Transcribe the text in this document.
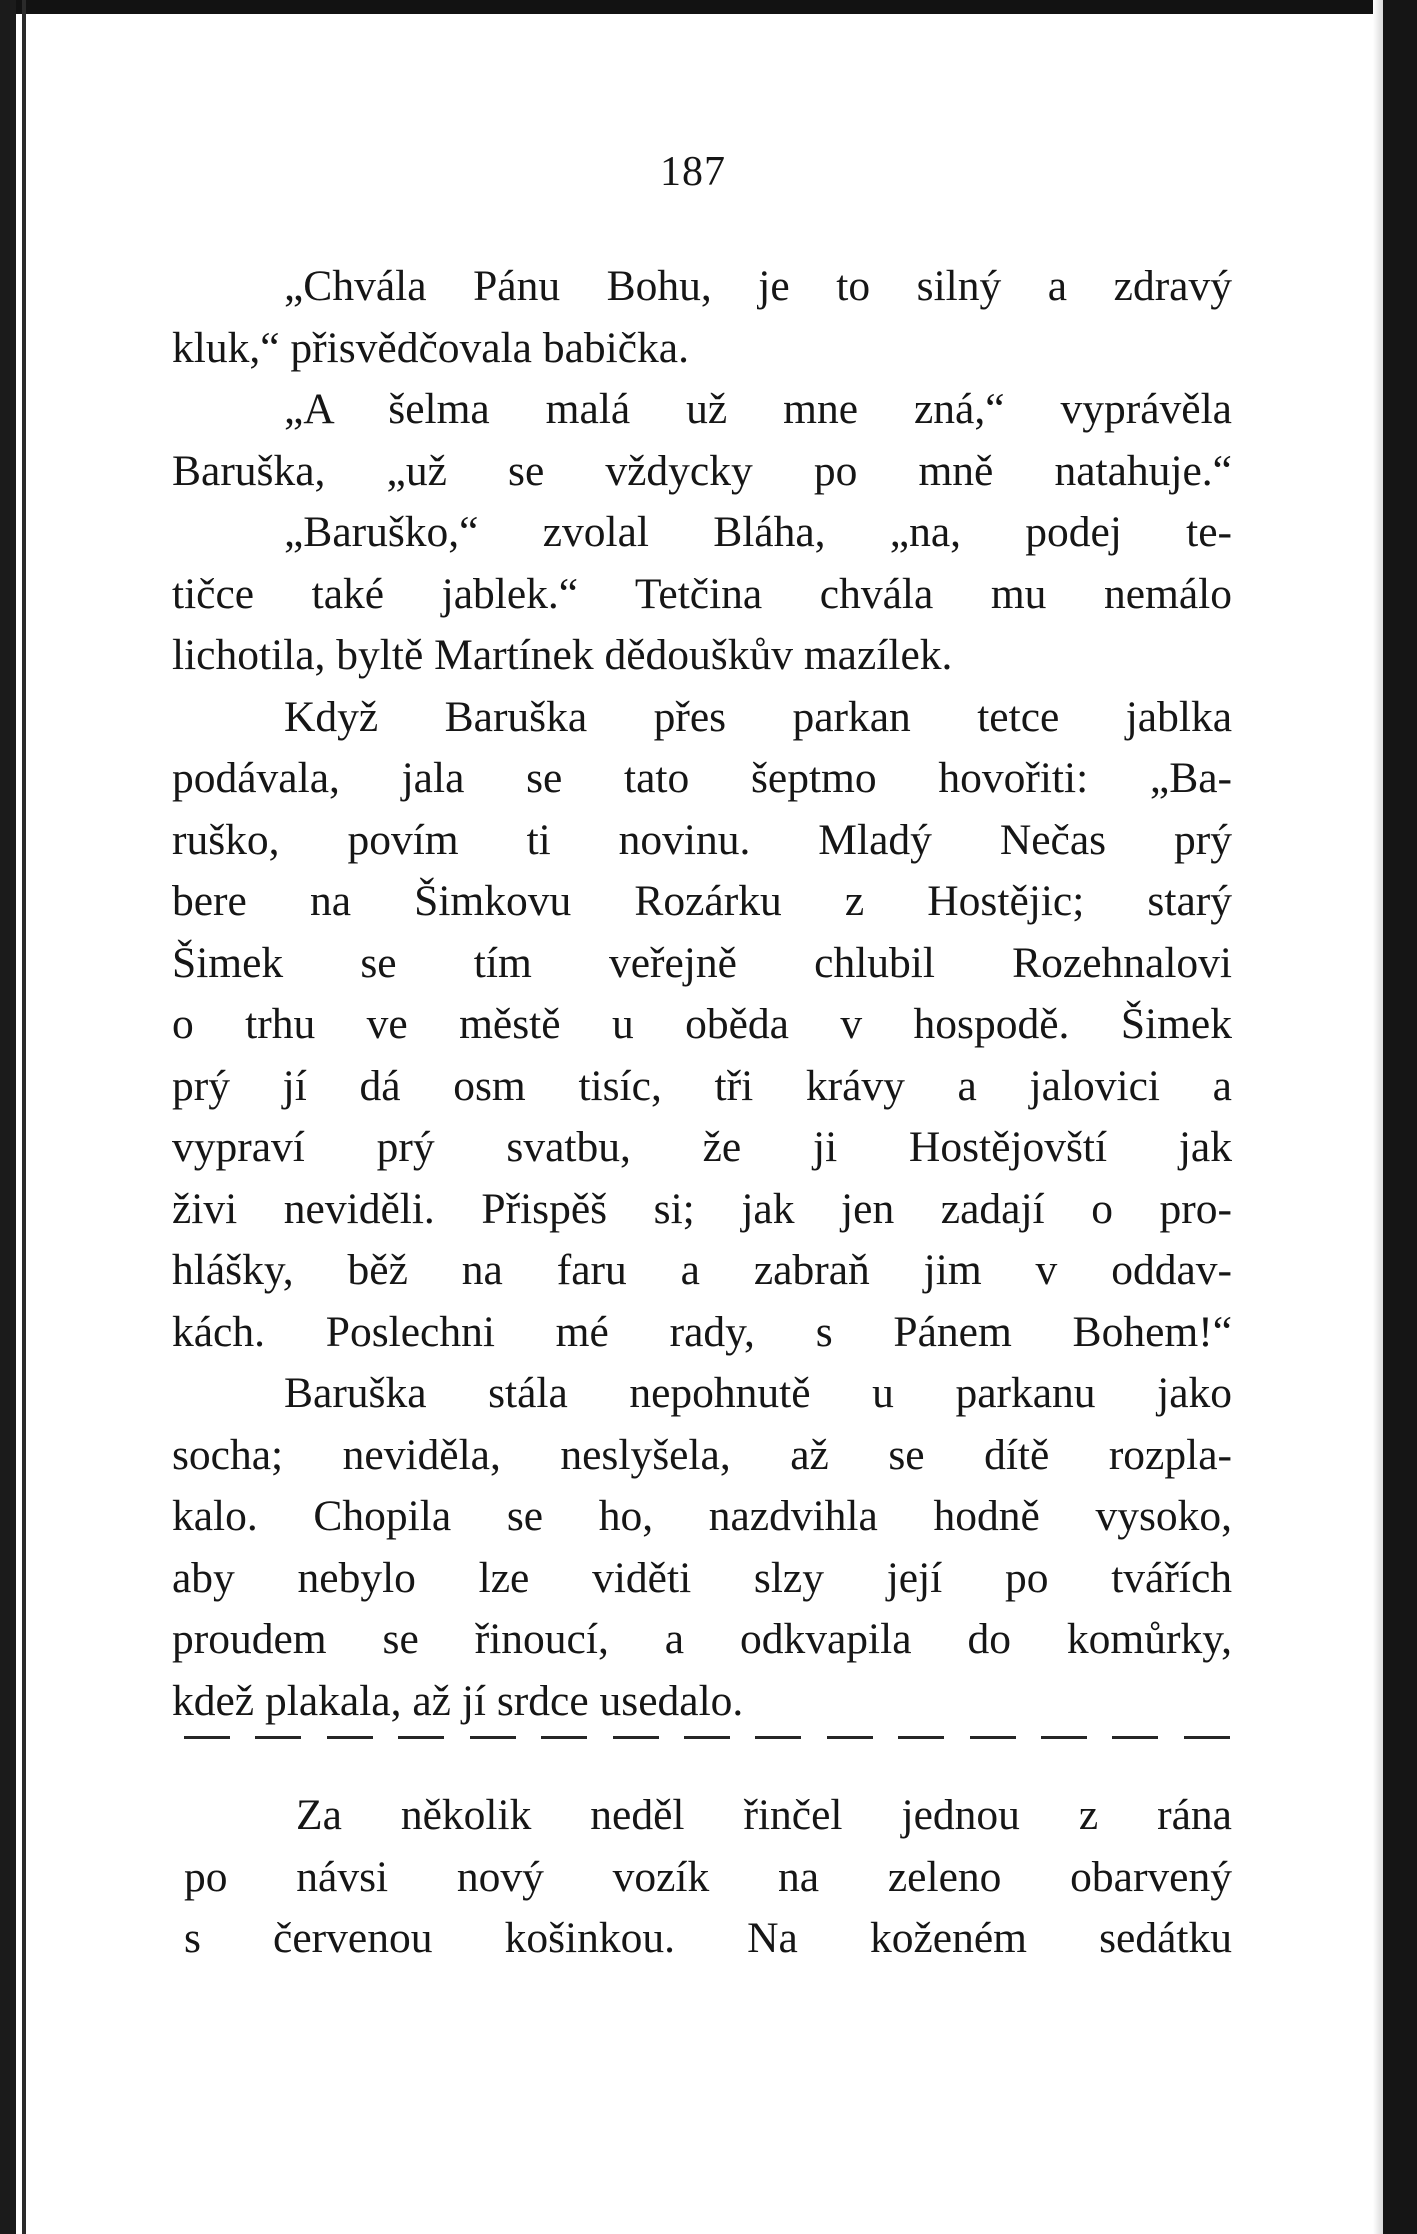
187
„Chvála Pánu Bohu, je to silný a zdravý
kluk,“ přisvědčovala babička.
„A šelma malá už mne zná,“ vyprávěla
Baruška, „už se vždycky po mně natahuje.“
„Baruško,“ zvolal Bláha, „na, podej te-
tičce také jablek.“ Tetčina chvála mu nemálo
lichotila, byltě Martínek dědouškův mazílek.
Když Baruška přes parkan tetce jablka
podávala, jala se tato šeptmo hovořiti: „Ba-
ruško, povím ti novinu. Mladý Nečas prý
bere na Šimkovu Rozárku z Hostějic; starý
Šimek se tím veřejně chlubil Rozehnalovi
o trhu ve městě u oběda v hospodě. Šimek
prý jí dá osm tisíc, tři krávy a jalovici a
vypraví prý svatbu, že ji Hostějovští jak
živi neviděli. Přispěš si; jak jen zadají o pro-
hlášky, běž na faru a zabraň jim v oddav-
kách. Poslechni mé rady, s Pánem Bohem!“
Baruška stála nepohnutě u parkanu jako
socha; neviděla, neslyšela, až se dítě rozpla-
kalo. Chopila se ho, nazdvihla hodně vysoko,
aby nebylo lze viděti slzy její po tvářích
proudem se řinoucí, a odkvapila do komůrky,
kdež plakala, až jí srdce usedalo.
Za několik neděl řinčel jednou z rána
po návsi nový vozík na zeleno obarvený
s červenou košinkou. Na koženém sedátku
